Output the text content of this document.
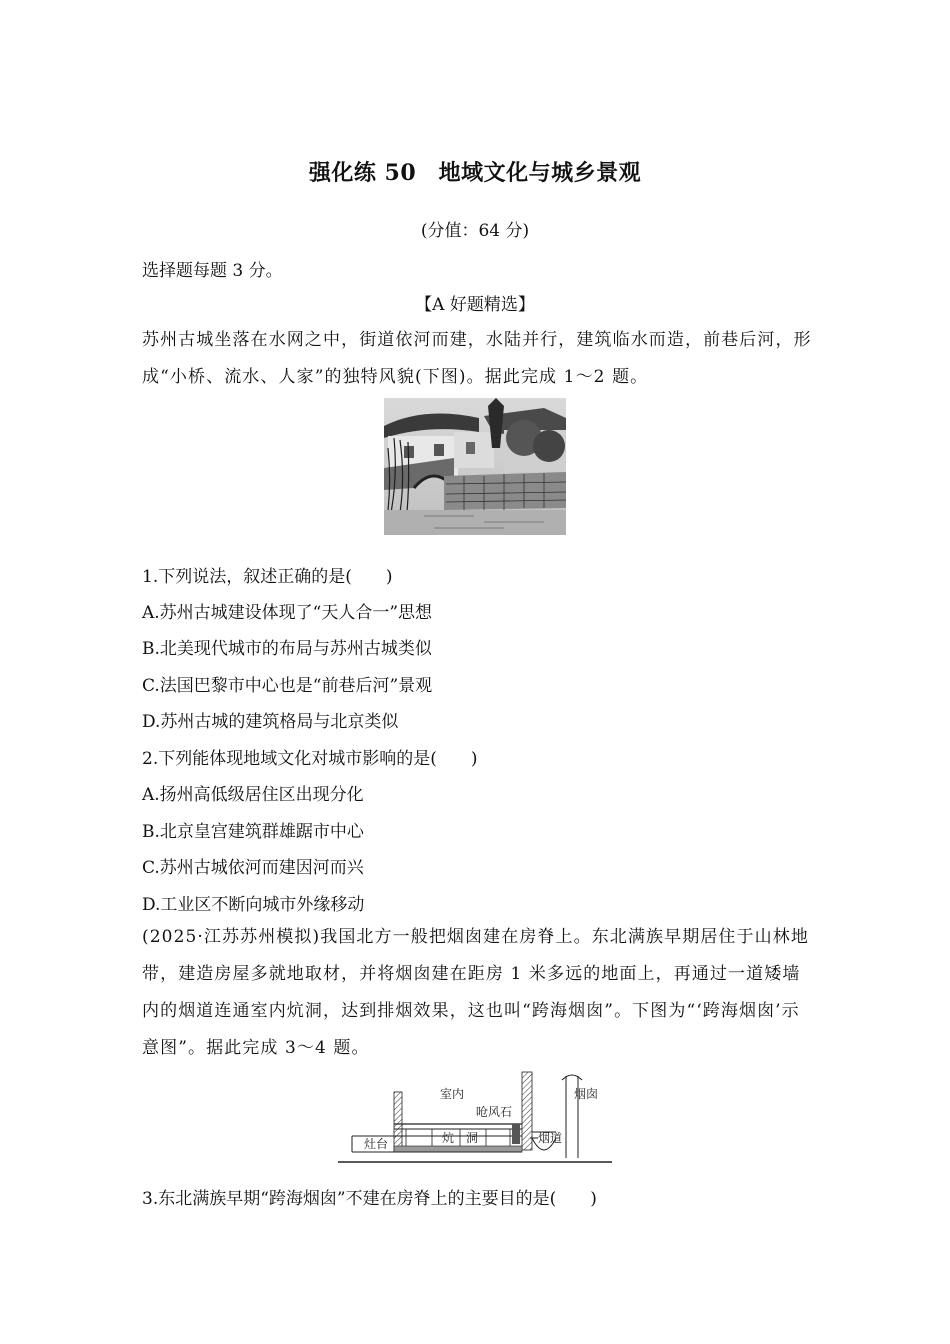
强化练 50　地域文化与城乡景观
(分值：64 分)
选择题每题 3 分。
【A 好题精选】
苏州古城坐落在水网之中，街道依河而建，水陆并行，建筑临水而造，前巷后河，形成“小桥、流水、人家”的独特风貌(下图)。据此完成 1～2 题。
1.下列说法，叙述正确的是(　　)
A.苏州古城建设体现了“天人合一”思想
B.北美现代城市的布局与苏州古城类似
C.法国巴黎市中心也是“前巷后河”景观
D.苏州古城的建筑格局与北京类似
2.下列能体现地域文化对城市影响的是(　　)
A.扬州高低级居住区出现分化
B.北京皇宫建筑群雄踞市中心
C.苏州古城依河而建因河而兴
D.工业区不断向城市外缘移动
(2025·江苏苏州模拟)我国北方一般把烟囱建在房脊上。东北满族早期居住于山林地带，建造房屋多就地取材，并将烟囱建在距房 1 米多远的地面上，再通过一道矮墙内的烟道连通室内炕洞，达到排烟效果，这也叫“跨海烟囱”。下图为“‘跨海烟囱’示意图”。据此完成 3～4 题。
室内
呛风石
烟囱
灶台	炕 洞	烟道
3.东北满族早期“跨海烟囱”不建在房脊上的主要目的是(　　)
